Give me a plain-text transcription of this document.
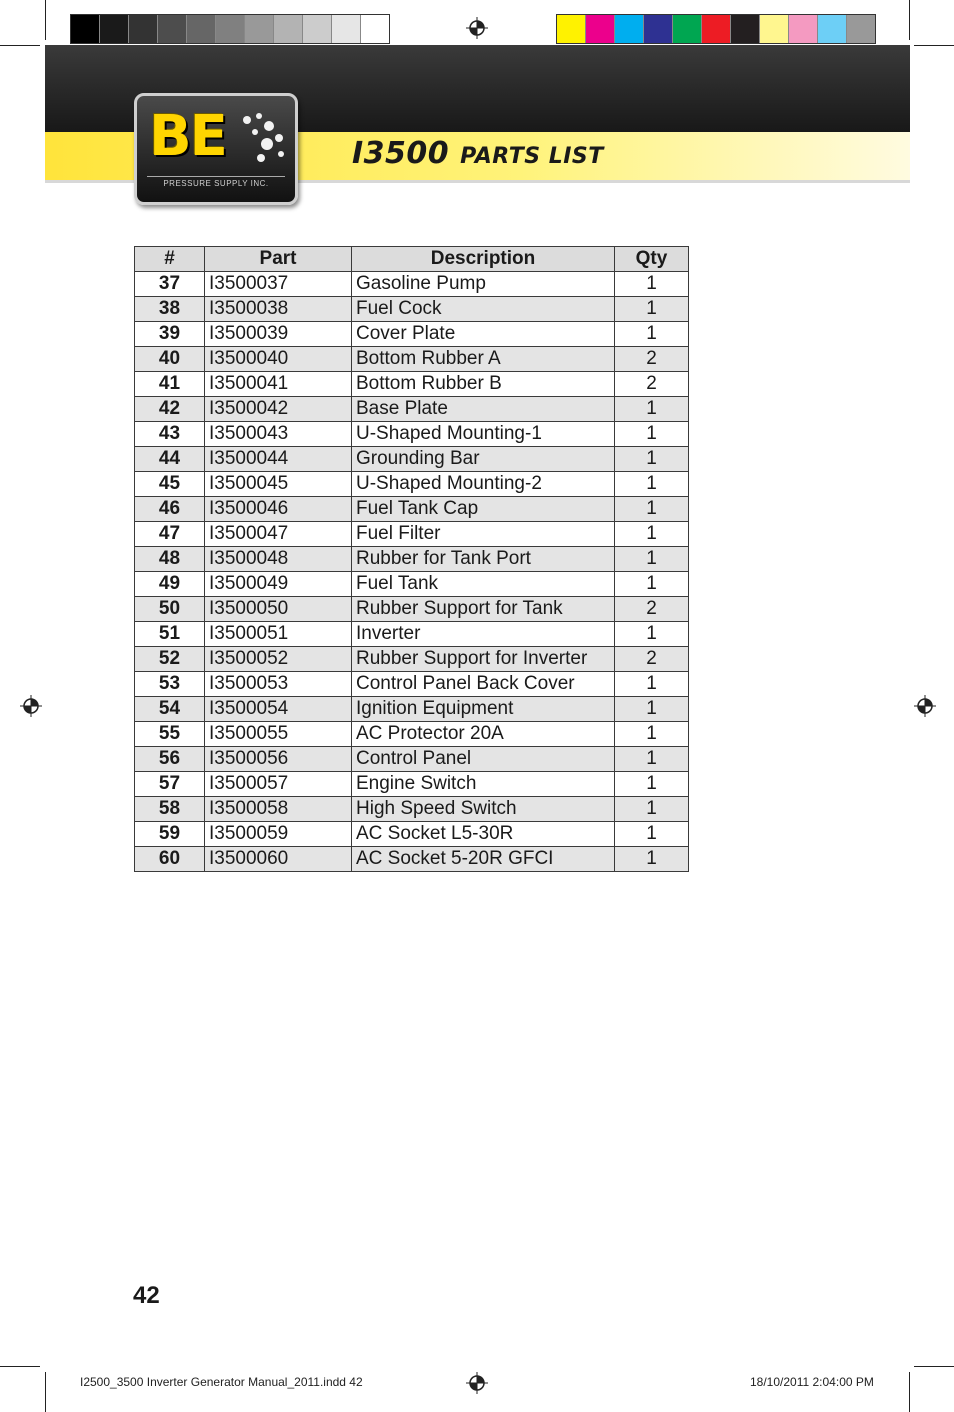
BE
PRESSURE SUPPLY INC.
I3500 PARTS LIST
#	Part	Description	Qty
37	I3500037	Gasoline Pump	1
38	I3500038	Fuel Cock	1
39	I3500039	Cover Plate	1
40	I3500040	Bottom Rubber A	2
41	I3500041	Bottom Rubber B	2
42	I3500042	Base Plate	1
43	I3500043	U-Shaped Mounting-1	1
44	I3500044	Grounding Bar	1
45	I3500045	U-Shaped Mounting-2	1
46	I3500046	Fuel Tank Cap	1
47	I3500047	Fuel Filter	1
48	I3500048	Rubber for Tank Port	1
49	I3500049	Fuel Tank	1
50	I3500050	Rubber Support for Tank	2
51	I3500051	Inverter	1
52	I3500052	Rubber Support for Inverter	2
53	I3500053	Control Panel Back Cover	1
54	I3500054	Ignition Equipment	1
55	I3500055	AC Protector 20A	1
56	I3500056	Control Panel	1
57	I3500057	Engine Switch	1
58	I3500058	High Speed Switch	1
59	I3500059	AC Socket L5-30R	1
60	I3500060	AC Socket 5-20R GFCI	1
42
I2500_3500 Inverter Generator Manual_2011.indd 42	18/10/2011 2:04:00 PM
